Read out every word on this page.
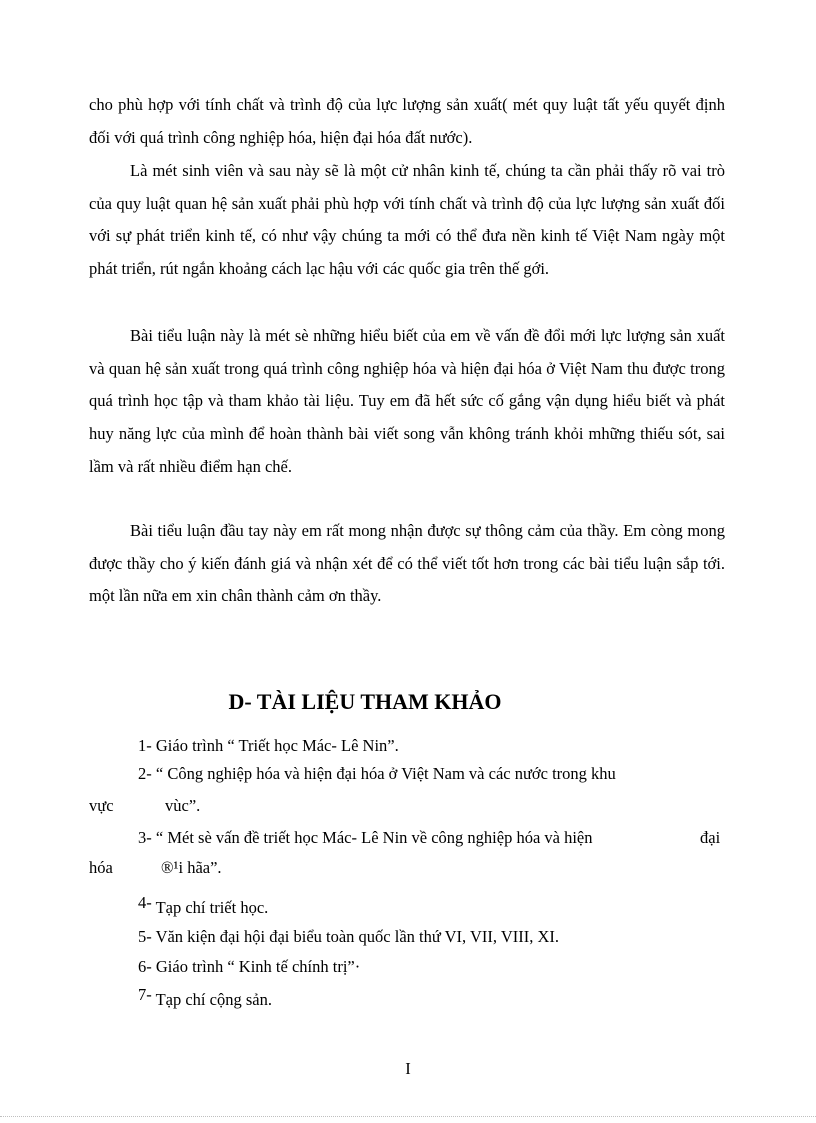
cho phù hợp với tính chất và trình độ của lực lượng sản xuất( mét quy luật tất yếu quyết định đối với quá trình công nghiệp hóa, hiện đại hóa đất nước).

Là mét sinh viên và sau này sẽ là một cử nhân kinh tế, chúng ta cần phải thấy rõ vai trò của quy luật quan hệ sản xuất phải phù hợp với tính chất và trình độ của lực lượng sản xuất đối với sự phát triển kinh tế, có như vậy chúng ta mới có thể đưa nền kinh tế Việt Nam ngày một phát triển, rút ngắn khoảng cách lạc hậu với các quốc gia trên thế gới.

Bài tiểu luận này là mét sè những hiểu biết của em về vấn đề đổi mới lực lượng sản xuất và quan hệ sản xuất trong quá trình công nghiệp hóa và hiện đại hóa ở Việt Nam thu được trong quá trình học tập và tham khảo tài liệu. Tuy em đã hết sức cố gắng vận dụng hiểu biết và phát huy năng lực của mình để hoàn thành bài viết song vẫn không tránh khỏi mhững thiếu sót, sai lầm và rất nhiều điểm hạn chế.

Bài tiểu luận đầu tay này em rất mong nhận được sự thông cảm của thầy. Em còng mong được thầy cho ý kiến đánh giá và nhận xét để có thể viết tốt hơn trong các bài tiểu luận sắp tới. một lần nữa em xin chân thành cảm ơn thầy.

D- TÀI LIỆU THAM KHẢO
1- Giáo trình “ Triết học Mác- Lê Nin”.
2- “ Công nghiệp hóa và hiện đại hóa ở Việt Nam và các nước trong khu
vực	vùc”.
3- “ Mét sè vấn đề triết học Mác- Lê Nin về công nghiệp hóa và hiện	đại
hóa	®¹i hãa”.
4- Tạp chí triết học.
5- Văn kiện đại hội đại biểu toàn quốc lần thứ VI, VII, VIII, XI.
6- Giáo trình “ Kinh tế chính trị”·
7- Tạp chí cộng sản.
I
